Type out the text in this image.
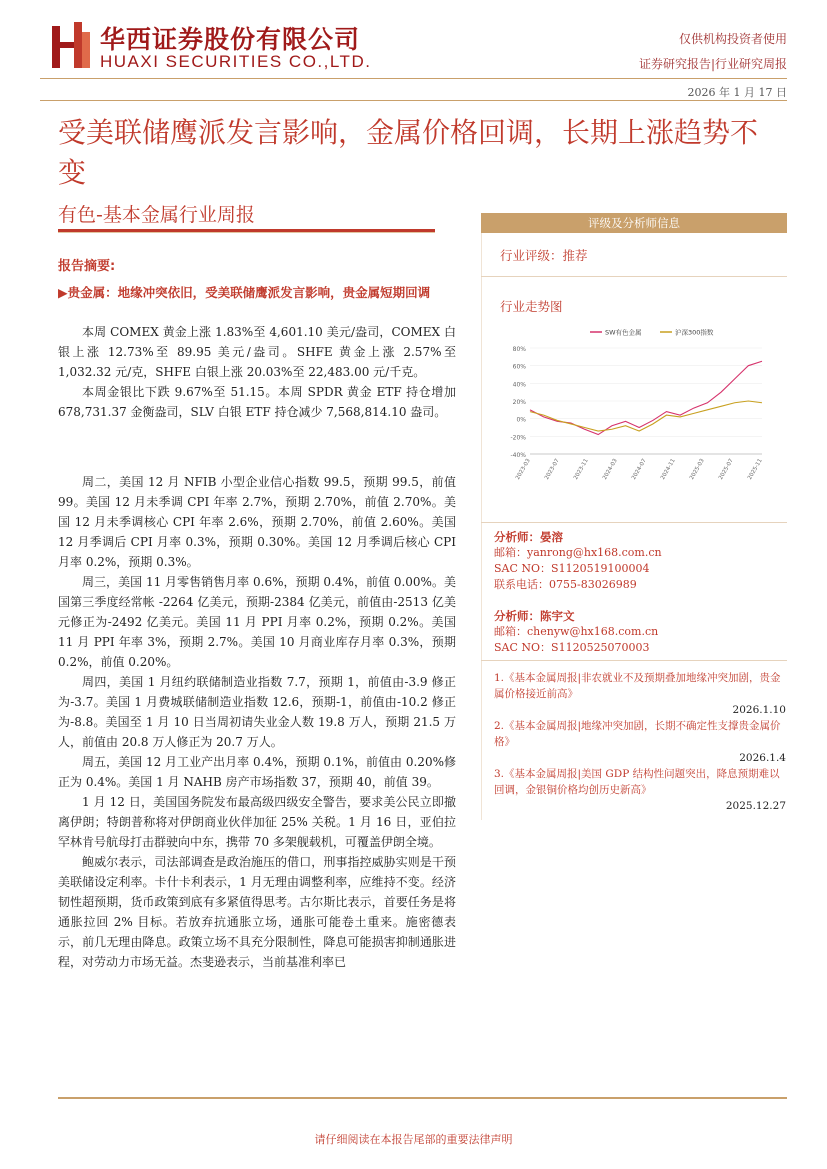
华西证券股份有限公司
HUAXI SECURITIES CO.,LTD.
仅供机构投资者使用
证券研究报告|行业研究周报
2026 年 1 月 17 日
受美联储鹰派发言影响，金属价格回调，长期上涨趋势不变
有色-基本金属行业周报
报告摘要:
▶贵金属：地缘冲突依旧，受美联储鹰派发言影响，贵金属短期回调

本周 COMEX 黄金上涨 1.83%至 4,601.10 美元/盎司，COMEX 白银上涨 12.73%至 89.95 美元/盎司。SHFE 黄金上涨 2.57%至 1,032.32 元/克，SHFE 白银上涨 20.03%至 22,483.00 元/千克。

本周金银比下跌 9.67%至 51.15。本周 SPDR 黄金 ETF 持仓增加 678,731.37 金衡盎司，SLV 白银 ETF 持仓减少 7,568,814.10 盎司。

周二，美国 12 月 NFIB 小型企业信心指数 99.5，预期 99.5，前值 99。美国 12 月未季调 CPI 年率 2.7%，预期 2.70%，前值 2.70%。美国 12 月未季调核心 CPI 年率 2.6%，预期 2.70%，前值 2.60%。美国 12 月季调后 CPI 月率 0.3%，预期 0.30%。美国 12 月季调后核心 CPI 月率 0.2%，预期 0.3%。

周三，美国 11 月零售销售月率 0.6%，预期 0.4%，前值 0.00%。美国第三季度经常帐 -2264 亿美元，预期-2384 亿美元，前值由-2513 亿美元修正为-2492 亿美元。美国 11 月 PPI 月率 0.2%，预期 0.2%。美国 11 月 PPI 年率 3%，预期 2.7%。美国 10 月商业库存月率 0.3%，预期 0.2%，前值 0.20%。

周四，美国 1 月纽约联储制造业指数 7.7，预期 1，前值由-3.9 修正为-3.7。美国 1 月费城联储制造业指数 12.6，预期-1，前值由-10.2 修正为-8.8。美国至 1 月 10 日当周初请失业金人数 19.8 万人，预期 21.5 万人，前值由 20.8 万人修正为 20.7 万人。

周五，美国 12 月工业产出月率 0.4%，预期 0.1%，前值由 0.20%修正为 0.4%。美国 1 月 NAHB 房产市场指数 37，预期 40，前值 39。

1 月 12 日，美国国务院发布最高级四级安全警告，要求美公民立即撤离伊朗；特朗普称将对伊朗商业伙伴加征 25% 关税。1 月 16 日，亚伯拉罕林肯号航母打击群驶向中东，携带 70 多架舰载机，可覆盖伊朗全境。

鲍威尔表示，司法部调查是政治施压的借口，刑事指控威胁实则是干预美联储设定利率。卡什卡利表示，1 月无理由调整利率，应维持不变。经济韧性超预期，货币政策到底有多紧值得思考。古尔斯比表示，首要任务是将通胀拉回 2% 目标。若放弃抗通胀立场，通胀可能卷土重来。施密德表示，前几无理由降息。政策立场不具充分限制性，降息可能损害抑制通胀进程，对劳动力市场无益。杰斐逊表示，当前基准利率已

评级及分析师信息
行业评级：推荐
行业走势图
80%
60%
40%
20%
0%
-20%
-40%
2023-03 2023-07 2023-11 2024-03 2024-07 2024-11 2025-03 2025-07 2025-11
SW有色金属	沪深300指数
分析师：晏溶
邮箱：yanrong@hx168.com.cn
SAC NO：S1120519100004
联系电话：0755-83026989
分析师：陈宇文
邮箱：chenyw@hx168.com.cn
SAC NO：S1120525070003
1.《基本金属周报|非农就业不及预期叠加地缘冲突加剧，贵金属价格接近前高》
2026.1.10
2.《基本金属周报|地缘冲突加剧，长期不确定性支撑贵金属价格》
2026.1.4
3.《基本金属周报|美国 GDP 结构性问题突出，降息预期难以回调，金银铜价格均创历史新高》
2025.12.27
请仔细阅读在本报告尾部的重要法律声明
